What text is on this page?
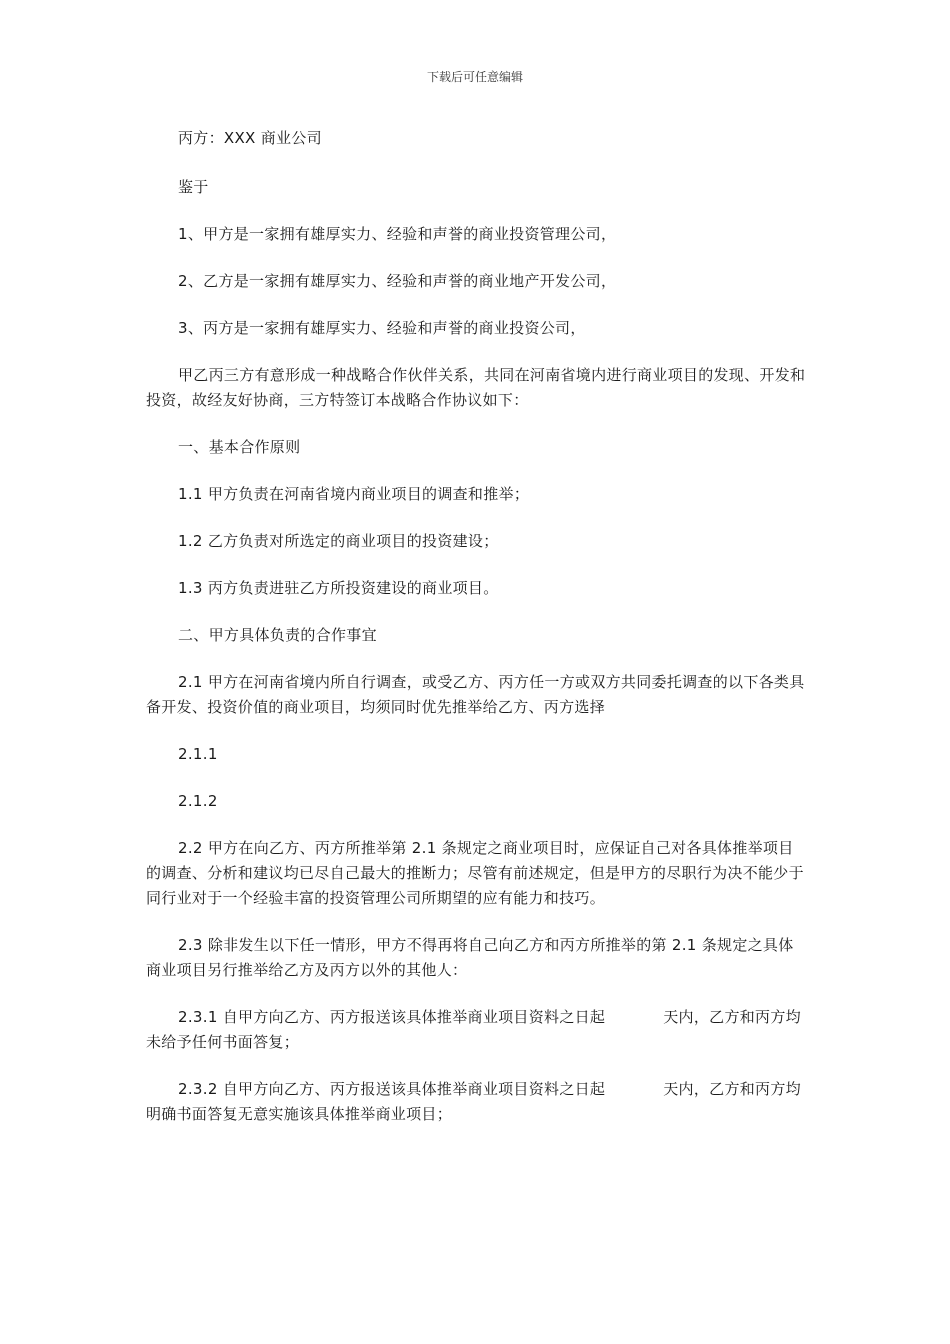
下载后可任意编辑

丙方：XXX 商业公司

鉴于

1、甲方是一家拥有雄厚实力、经验和声誉的商业投资管理公司，

2、乙方是一家拥有雄厚实力、经验和声誉的商业地产开发公司，

3、丙方是一家拥有雄厚实力、经验和声誉的商业投资公司，

甲乙丙三方有意形成一种战略合作伙伴关系，共同在河南省境内进行商业项目的发现、开发和投资，故经友好协商，三方特签订本战略合作协议如下：

一、基本合作原则

1.1 甲方负责在河南省境内商业项目的调查和推举；

1.2 乙方负责对所选定的商业项目的投资建设；

1.3 丙方负责进驻乙方所投资建设的商业项目。

二、甲方具体负责的合作事宜

2.1 甲方在河南省境内所自行调查，或受乙方、丙方任一方或双方共同委托调查的以下各类具备开发、投资价值的商业项目，均须同时优先推举给乙方、丙方选择

2.1.1

2.1.2

2.2 甲方在向乙方、丙方所推举第 2.1 条规定之商业项目时，应保证自己对各具体推举项目的调查、分析和建议均已尽自己最大的推断力；尽管有前述规定，但是甲方的尽职行为决不能少于同行业对于一个经验丰富的投资管理公司所期望的应有能力和技巧。

2.3 除非发生以下任一情形，甲方不得再将自己向乙方和丙方所推举的第 2.1 条规定之具体商业项目另行推举给乙方及丙方以外的其他人：

2.3.1 自甲方向乙方、丙方报送该具体推举商业项目资料之日起	天内，乙方和丙方均未给予任何书面答复；

2.3.2 自甲方向乙方、丙方报送该具体推举商业项目资料之日起	天内，乙方和丙方均明确书面答复无意实施该具体推举商业项目；
